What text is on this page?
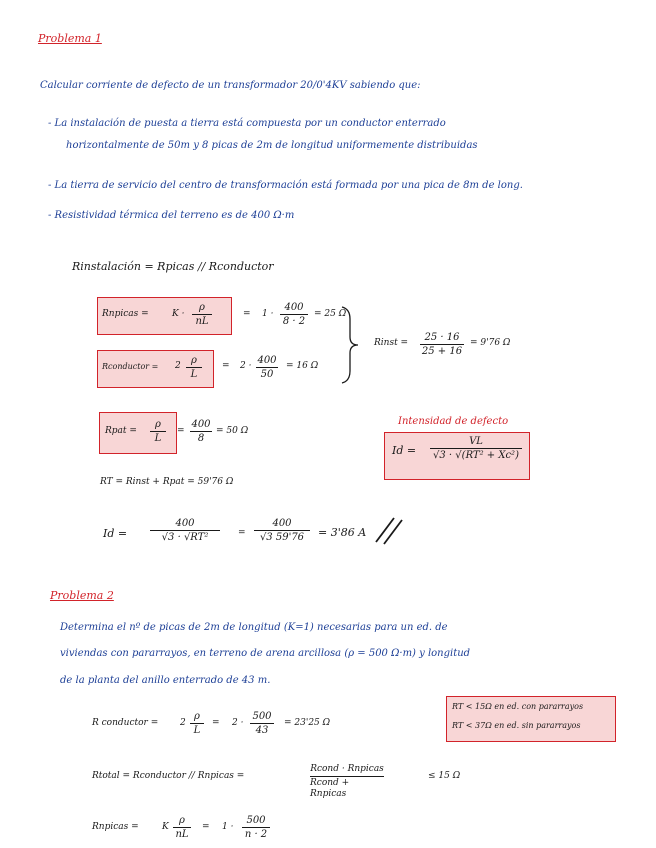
Problema 1
Calcular corriente de defecto de un transformador 20/0'4KV sabiendo que:
- La instalación de puesta a tierra está compuesta por un conductor enterrado
horizontalmente de 50m y 8 picas de 2m de longitud uniformemente distribuidas
- La tierra de servicio del centro de transformación está formada por una pica de 8m de long.
- Resistividad térmica del terreno es de 400 Ω·m
Rinstalación = Rpicas // Rconductor
Rnpicas =	K ·
ρ
nL
= 1 ·
400
8 · 2
= 25 Ω
Rconductor = 2 ρ
L
= 2 · 400
50
= 16 Ω
Rinst = 25 · 16
25 + 16
= 9'76 Ω
Rpat =
ρ
L
=
400
8
= 50 Ω
Intensidad de defecto
Id =
VL
√3 · √(RT² + Xc²)
RT = Rinst + Rpat = 59'76 Ω
Id =
400
√3 · √RT²	=
400
√3 59'76 = 3'86 A
Problema 2
Determina el nº de picas de 2m de longitud (K=1) necesarias para un ed. de
viviendas con pararrayos, en terreno de arena arcillosa (ρ = 500 Ω·m) y longitud
de la planta del anillo enterrado de 43 m.
R conductor = 2
ρ
L
= 2 ·
500
43
= 23'25 Ω
RT < 15Ω en ed. con pararrayos
RT < 37Ω en ed. sin pararrayos
Rtotal = Rconductor // Rnpicas =
Rcond · Rnpicas
Rcond + Rnpicas
≤ 15 Ω
Rnpicas =	K
ρ
nL
= 1 ·
500
n · 2
